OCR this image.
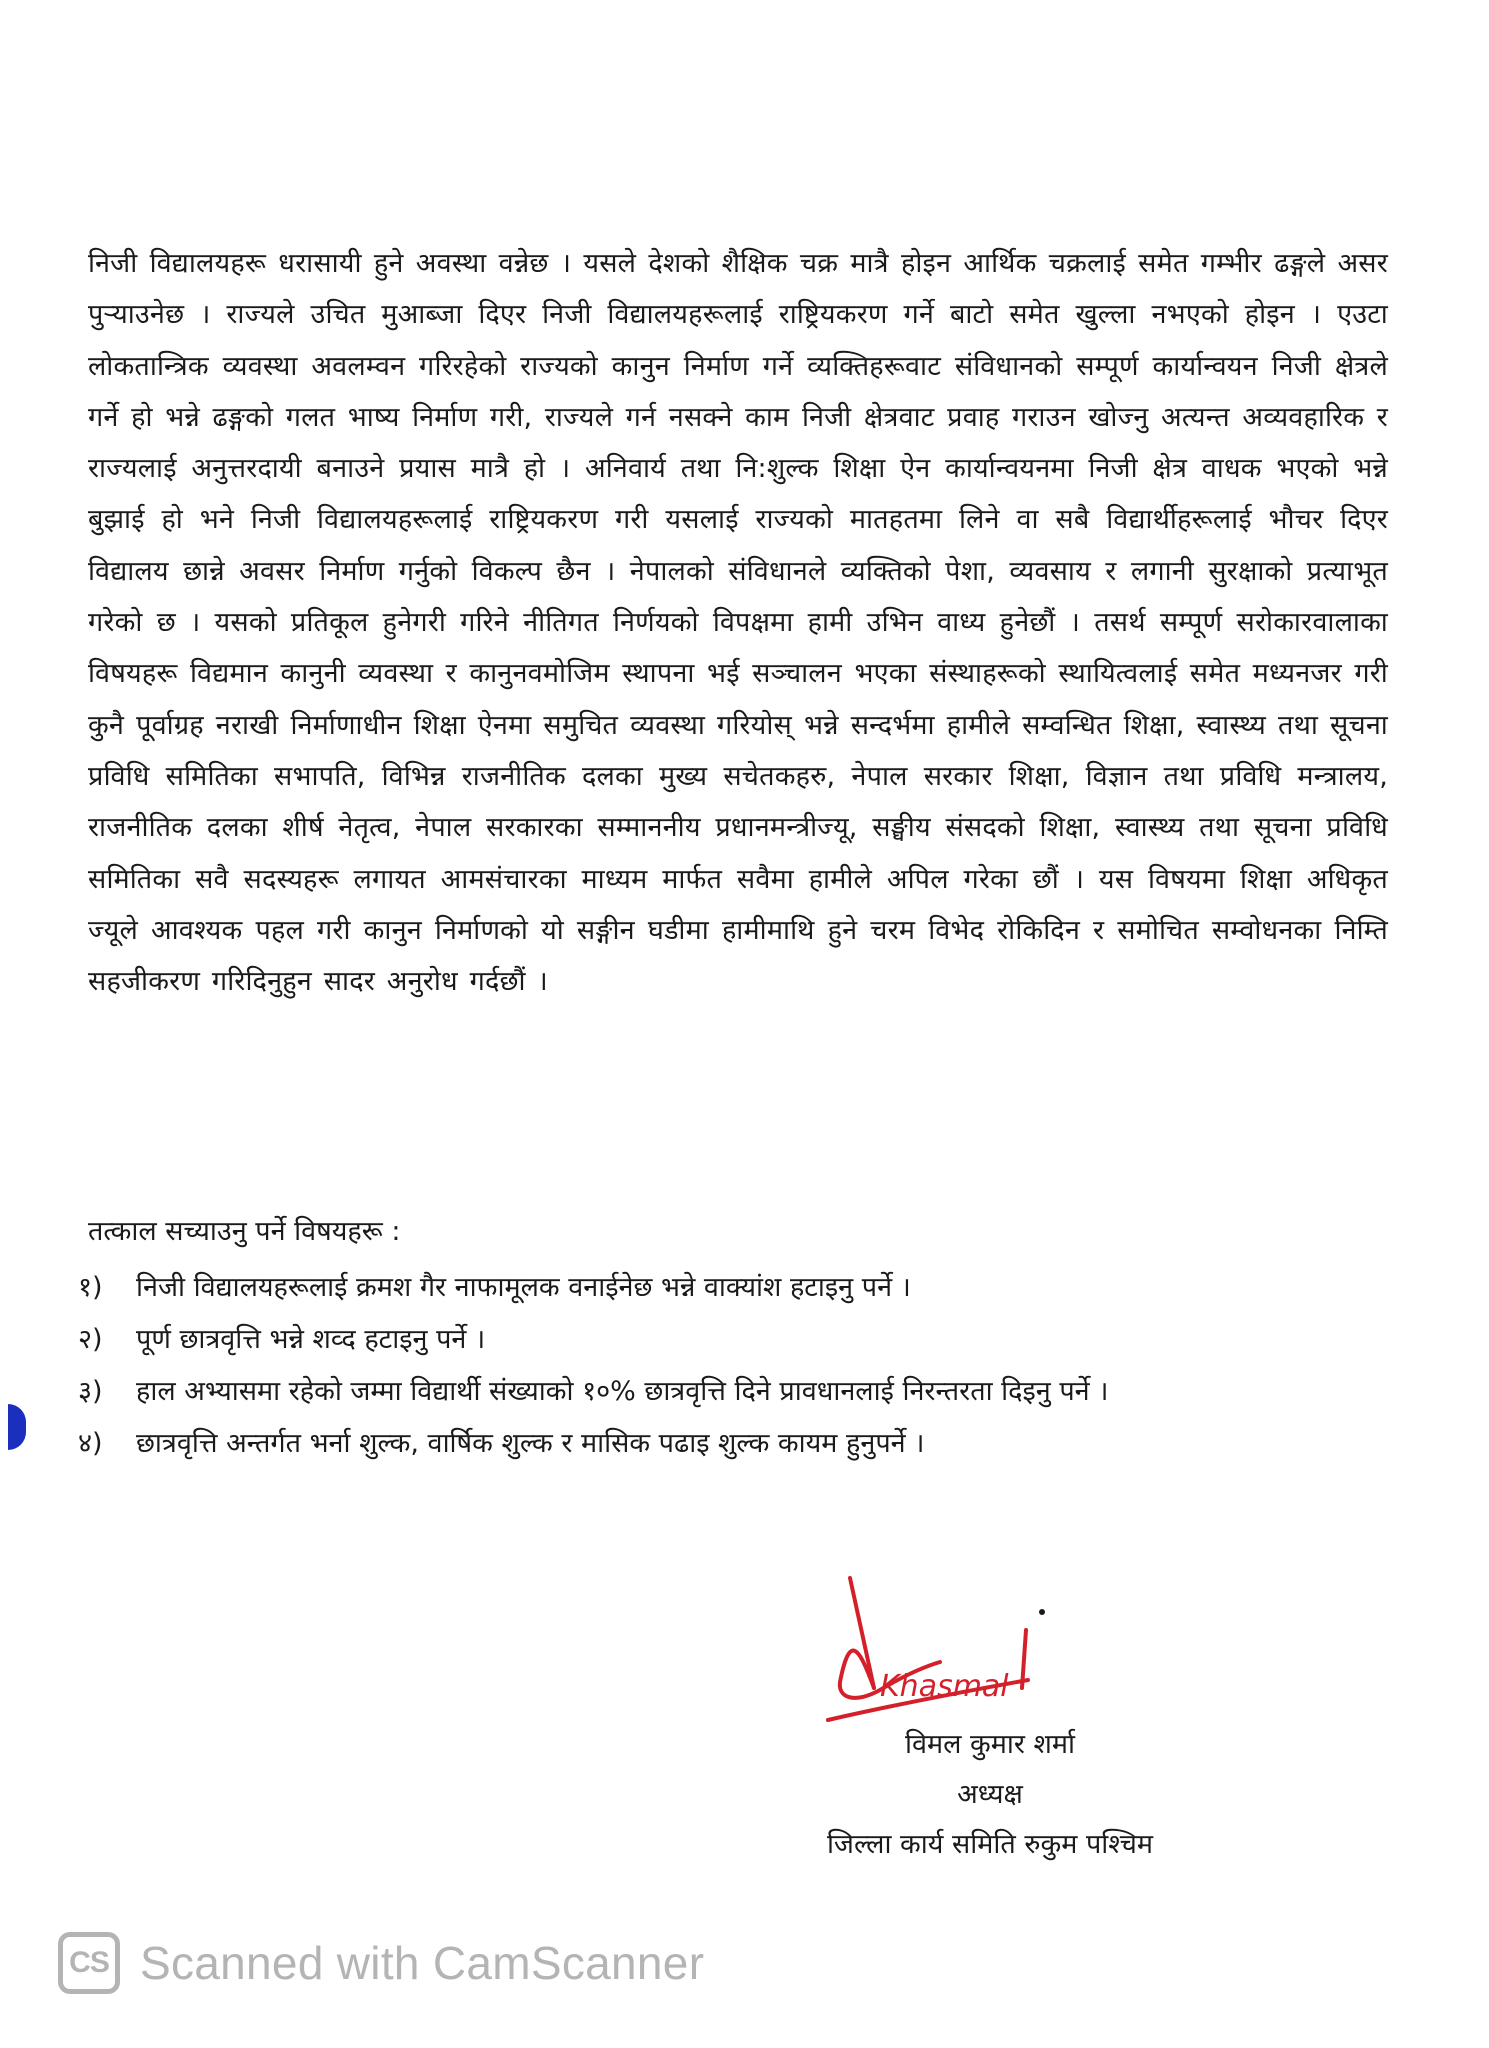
निजी विद्यालयहरू धरासायी हुने अवस्था वन्नेछ । यसले देशको शैक्षिक चक्र मात्रै होइन आर्थिक चक्रलाई समेत गम्भीर ढङ्गले असर पुऱ्याउनेछ । राज्यले उचित मुआब्जा दिएर निजी विद्यालयहरूलाई राष्ट्रियकरण गर्ने बाटो समेत खुल्ला नभएको होइन । एउटा लोकतान्त्रिक व्यवस्था अवलम्वन गरिरहेको राज्यको कानुन निर्माण गर्ने व्यक्तिहरूवाट संविधानको सम्पूर्ण कार्यान्वयन निजी क्षेत्रले गर्ने हो भन्ने ढङ्गको गलत भाष्य निर्माण गरी, राज्यले गर्न नसक्ने काम निजी क्षेत्रवाट प्रवाह गराउन खोज्नु अत्यन्त अव्यवहारिक र राज्यलाई अनुत्तरदायी बनाउने प्रयास मात्रै हो । अनिवार्य तथा नि:शुल्क शिक्षा ऐन कार्यान्वयनमा निजी क्षेत्र वाधक भएको भन्ने बुझाई हो भने निजी विद्यालयहरूलाई राष्ट्रियकरण गरी यसलाई राज्यको मातहतमा लिने वा सबै विद्यार्थीहरूलाई भौचर दिएर विद्यालय छान्ने अवसर निर्माण गर्नुको विकल्प छैन । नेपालको संविधानले व्यक्तिको पेशा, व्यवसाय र लगानी सुरक्षाको प्रत्याभूत गरेको छ । यसको प्रतिकूल हुनेगरी गरिने नीतिगत निर्णयको विपक्षमा हामी उभिन वाध्य हुनेछौं । तसर्थ सम्पूर्ण सरोकारवालाका विषयहरू विद्यमान कानुनी व्यवस्था र कानुनवमोजिम स्थापना भई सञ्चालन भएका संस्थाहरूको स्थायित्वलाई समेत मध्यनजर गरी कुनै पूर्वाग्रह नराखी निर्माणाधीन शिक्षा ऐनमा समुचित व्यवस्था गरियोस् भन्ने सन्दर्भमा हामीले सम्वन्धित शिक्षा, स्वास्थ्य तथा सूचना प्रविधि समितिका सभापति, विभिन्न राजनीतिक दलका मुख्य सचेतकहरु, नेपाल सरकार शिक्षा, विज्ञान तथा प्रविधि मन्त्रालय, राजनीतिक दलका शीर्ष नेतृत्व, नेपाल सरकारका सम्माननीय प्रधानमन्त्रीज्यू, सङ्घीय संसदको शिक्षा, स्वास्थ्य तथा सूचना प्रविधि समितिका सवै सदस्यहरू लगायत आमसंचारका माध्यम मार्फत सवैमा हामीले अपिल गरेका छौं । यस विषयमा शिक्षा अधिकृत ज्यूले आवश्यक पहल गरी कानुन निर्माणको यो सङ्गीन घडीमा हामीमाथि हुने चरम विभेद रोकिदिन र समोचित सम्वोधनका निम्ति सहजीकरण गरिदिनुहुन सादर अनुरोध गर्दछौं ।
तत्काल सच्याउनु पर्ने विषयहरू :
१)	निजी विद्यालयहरूलाई क्रमश गैर नाफामूलक वनाईनेछ भन्ने वाक्यांश हटाइनु पर्ने ।
२)	पूर्ण छात्रवृत्ति भन्ने शव्द हटाइनु पर्ने ।
३)	हाल अभ्यासमा रहेको जम्मा विद्यार्थी संख्याको १०% छात्रवृत्ति दिने प्रावधानलाई निरन्तरता दिइनु पर्ने ।
४)	छात्रवृत्ति अन्तर्गत भर्ना शुल्क, वार्षिक शुल्क र मासिक पढाइ शुल्क कायम हुनुपर्ने ।
Khasmal
विमल कुमार शर्मा
अध्यक्ष
जिल्ला कार्य समिति रुकुम पश्चिम
CS Scanned with CamScanner
